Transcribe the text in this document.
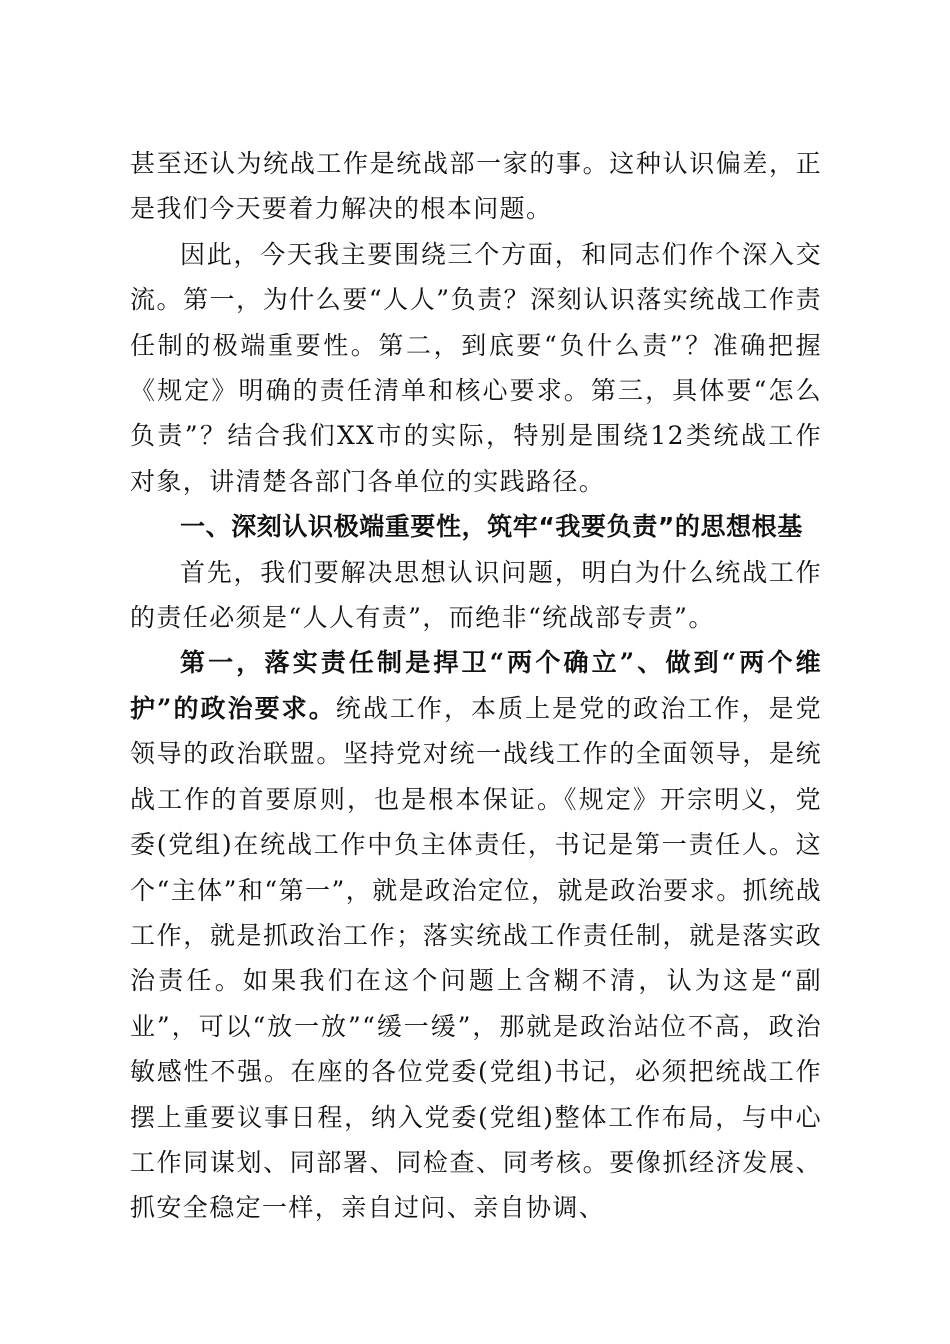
甚至还认为统战工作是统战部一家的事。这种认识偏差，正是我们今天要着力解决的根本问题。

因此，今天我主要围绕三个方面，和同志们作个深入交流。第一，为什么要“人人”负责？深刻认识落实统战工作责任制的极端重要性。第二，到底要“负什么责”？准确把握《规定》明确的责任清单和核心要求。第三，具体要“怎么负责”？结合我们XX市的实际，特别是围绕12类统战工作对象，讲清楚各部门各单位的实践路径。

一、深刻认识极端重要性，筑牢“我要负责”的思想根基

首先，我们要解决思想认识问题，明白为什么统战工作的责任必须是“人人有责”，而绝非“统战部专责”。

第一，落实责任制是捍卫“两个确立”、做到“两个维护”的政治要求。统战工作，本质上是党的政治工作，是党领导的政治联盟。坚持党对统一战线工作的全面领导，是统战工作的首要原则，也是根本保证。《规定》开宗明义，党委(党组)在统战工作中负主体责任，书记是第一责任人。这个“主体”和“第一”，就是政治定位，就是政治要求。抓统战工作，就是抓政治工作；落实统战工作责任制，就是落实政治责任。如果我们在这个问题上含糊不清，认为这是“副业”，可以“放一放”“缓一缓”，那就是政治站位不高，政治敏感性不强。在座的各位党委(党组)书记，必须把统战工作摆上重要议事日程，纳入党委(党组)整体工作布局，与中心工作同谋划、同部署、同检查、同考核。要像抓经济发展、抓安全稳定一样，亲自过问、亲自协调、
